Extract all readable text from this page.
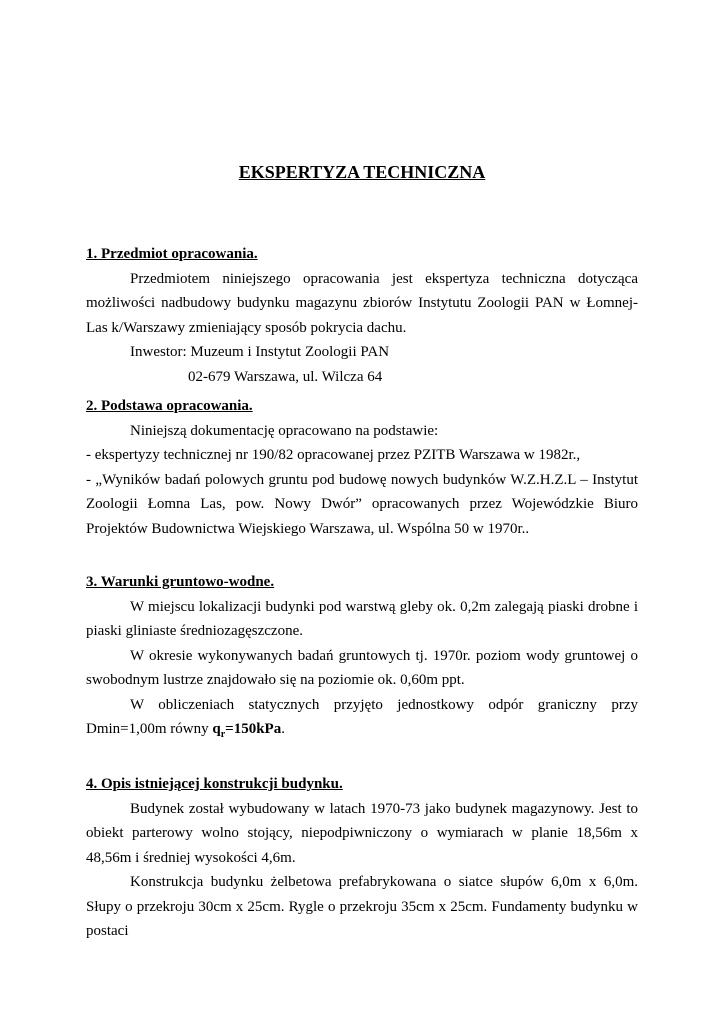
EKSPERTYZA TECHNICZNA
1. Przedmiot opracowania.

Przedmiotem niniejszego opracowania jest ekspertyza techniczna dotycząca możliwości nadbudowy budynku magazynu zbiorów Instytutu Zoologii PAN w Łomnej-Las k/Warszawy zmieniający sposób pokrycia dachu.

Inwestor: Muzeum i Instytut Zoologii PAN

02-679 Warszawa, ul. Wilcza 64

2. Podstawa opracowania.

Niniejszą dokumentację opracowano na podstawie:

- ekspertyzy technicznej nr 190/82 opracowanej przez PZITB Warszawa w 1982r.,

- „Wyników badań polowych gruntu pod budowę nowych budynków W.Z.H.Z.L – Instytut Zoologii Łomna Las, pow. Nowy Dwór” opracowanych przez Wojewódzkie Biuro Projektów Budownictwa Wiejskiego Warszawa, ul. Wspólna 50 w 1970r..

3. Warunki gruntowo-wodne.

W miejscu lokalizacji budynki pod warstwą gleby ok. 0,2m zalegają piaski drobne i piaski gliniaste średniozagęszczone.

W okresie wykonywanych badań gruntowych tj. 1970r. poziom wody gruntowej o swobodnym lustrze znajdowało się na poziomie ok. 0,60m ppt.

W obliczeniach statycznych przyjęto jednostkowy odpór graniczny przy Dmin=1,00m równy $q_r=150kPa$.

4. Opis istniejącej konstrukcji budynku.

Budynek został wybudowany w latach 1970-73 jako budynek magazynowy. Jest to obiekt parterowy wolno stojący, niepodpiwniczony o wymiarach w planie 18,56m x 48,56m i średniej wysokości 4,6m.

Konstrukcja budynku żelbetowa prefabrykowana o siatce słupów 6,0m x 6,0m. Słupy o przekroju 30cm x 25cm. Rygle o przekroju 35cm x 25cm. Fundamenty budynku w postaci
